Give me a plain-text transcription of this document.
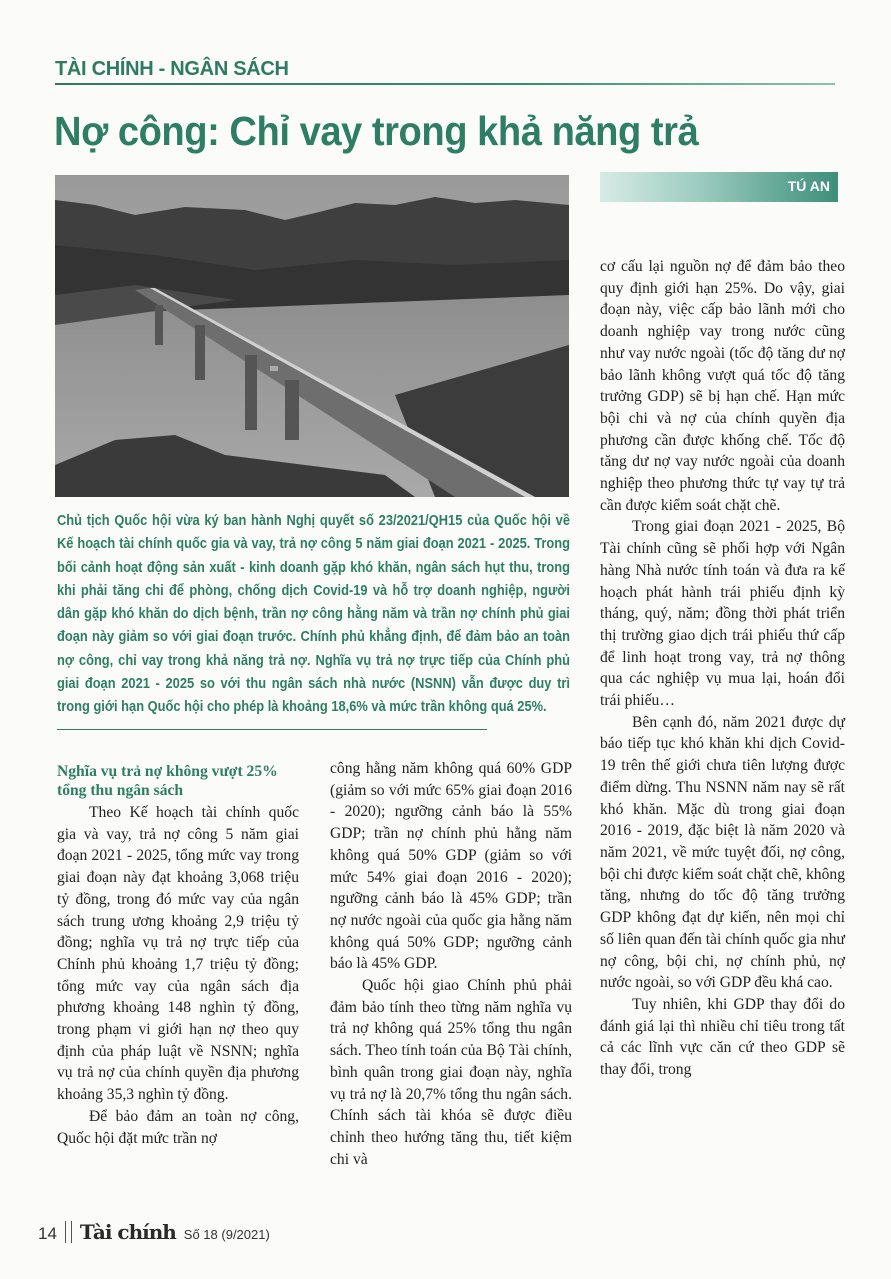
TÀI CHÍNH - NGÂN SÁCH
Nợ công: Chỉ vay trong khả năng trả
TÚ AN
Chủ tịch Quốc hội vừa ký ban hành Nghị quyết số 23/2021/QH15 của Quốc hội về Kế hoạch tài chính quốc gia và vay, trả nợ công 5 năm giai đoạn 2021 - 2025. Trong bối cảnh hoạt động sản xuất - kinh doanh gặp khó khăn, ngân sách hụt thu, trong khi phải tăng chi để phòng, chống dịch Covid-19 và hỗ trợ doanh nghiệp, người dân gặp khó khăn do dịch bệnh, trần nợ công hằng năm và trần nợ chính phủ giai đoạn này giảm so với giai đoạn trước. Chính phủ khẳng định, để đảm bảo an toàn nợ công, chỉ vay trong khả năng trả nợ. Nghĩa vụ trả nợ trực tiếp của Chính phủ giai đoạn 2021 - 2025 so với thu ngân sách nhà nước (NSNN) vẫn được duy trì trong giới hạn Quốc hội cho phép là khoảng 18,6% và mức trần không quá 25%.
Nghĩa vụ trả nợ không vượt 25% tổng thu ngân sách

Theo Kế hoạch tài chính quốc gia và vay, trả nợ công 5 năm giai đoạn 2021 - 2025, tổng mức vay trong giai đoạn này đạt khoảng 3,068 triệu tỷ đồng, trong đó mức vay của ngân sách trung ương khoảng 2,9 triệu tỷ đồng; nghĩa vụ trả nợ trực tiếp của Chính phủ khoảng 1,7 triệu tỷ đồng; tổng mức vay của ngân sách địa phương khoảng 148 nghìn tỷ đồng, trong phạm vi giới hạn nợ theo quy định của pháp luật về NSNN; nghĩa vụ trả nợ của chính quyền địa phương khoảng 35,3 nghìn tỷ đồng.

Để bảo đảm an toàn nợ công, Quốc hội đặt mức trần nợ

công hằng năm không quá 60% GDP (giảm so với mức 65% giai đoạn 2016 - 2020); ngưỡng cảnh báo là 55% GDP; trần nợ chính phủ hằng năm không quá 50% GDP (giảm so với mức 54% giai đoạn 2016 - 2020); ngưỡng cảnh báo là 45% GDP; trần nợ nước ngoài của quốc gia hằng năm không quá 50% GDP; ngưỡng cảnh báo là 45% GDP.

Quốc hội giao Chính phủ phải đảm bảo tính theo từng năm nghĩa vụ trả nợ không quá 25% tổng thu ngân sách. Theo tính toán của Bộ Tài chính, bình quân trong giai đoạn này, nghĩa vụ trả nợ là 20,7% tổng thu ngân sách. Chính sách tài khóa sẽ được điều chỉnh theo hướng tăng thu, tiết kiệm chi và

cơ cấu lại nguồn nợ để đảm bảo theo quy định giới hạn 25%. Do vậy, giai đoạn này, việc cấp bảo lãnh mới cho doanh nghiệp vay trong nước cũng như vay nước ngoài (tốc độ tăng dư nợ bảo lãnh không vượt quá tốc độ tăng trưởng GDP) sẽ bị hạn chế. Hạn mức bội chi và nợ của chính quyền địa phương cần được khống chế. Tốc độ tăng dư nợ vay nước ngoài của doanh nghiệp theo phương thức tự vay tự trả cần được kiểm soát chặt chẽ.

Trong giai đoạn 2021 - 2025, Bộ Tài chính cũng sẽ phối hợp với Ngân hàng Nhà nước tính toán và đưa ra kế hoạch phát hành trái phiếu định kỳ tháng, quý, năm; đồng thời phát triển thị trường giao dịch trái phiếu thứ cấp để linh hoạt trong vay, trả nợ thông qua các nghiệp vụ mua lại, hoán đổi trái phiếu…

Bên cạnh đó, năm 2021 được dự báo tiếp tục khó khăn khi dịch Covid-19 trên thế giới chưa tiên lượng được điểm dừng. Thu NSNN năm nay sẽ rất khó khăn. Mặc dù trong giai đoạn 2016 - 2019, đặc biệt là năm 2020 và năm 2021, về mức tuyệt đối, nợ công, bội chi được kiểm soát chặt chẽ, không tăng, nhưng do tốc độ tăng trưởng GDP không đạt dự kiến, nên mọi chỉ số liên quan đến tài chính quốc gia như nợ công, bội chi, nợ chính phủ, nợ nước ngoài, so với GDP đều khá cao.

Tuy nhiên, khi GDP thay đổi do đánh giá lại thì nhiều chỉ tiêu trong tất cả các lĩnh vực căn cứ theo GDP sẽ thay đổi, trong

14 Tài chính Số 18 (9/2021)
